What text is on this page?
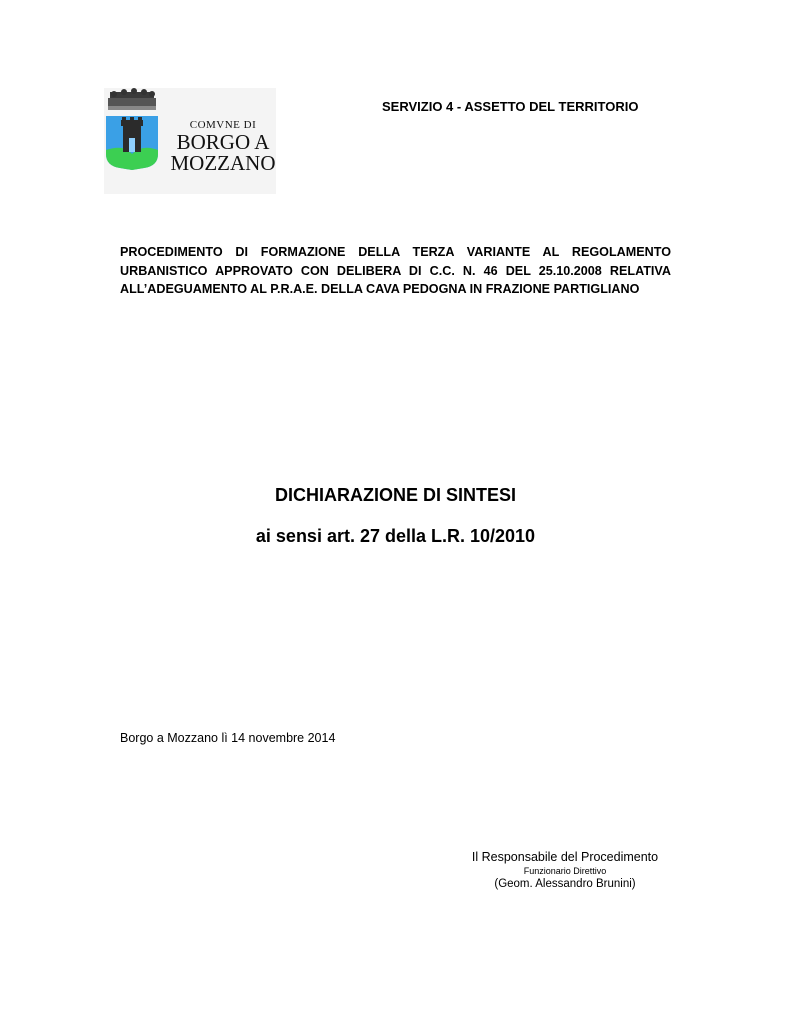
COMVNE DI
BORGO A
MOZZANO
SERVIZIO 4 - ASSETTO DEL TERRITORIO
PROCEDIMENTO DI FORMAZIONE DELLA TERZA VARIANTE AL REGOLAMENTO URBANISTICO APPROVATO CON DELIBERA DI C.C. N. 46 DEL 25.10.2008 RELATIVA ALL’ADEGUAMENTO AL P.R.A.E. DELLA CAVA PEDOGNA IN FRAZIONE PARTIGLIANO
DICHIARAZIONE DI SINTESI
ai sensi art. 27 della L.R. 10/2010
Borgo a Mozzano lì 14 novembre 2014
Il Responsabile del Procedimento
Funzionario Direttivo
(Geom. Alessandro Brunini)
